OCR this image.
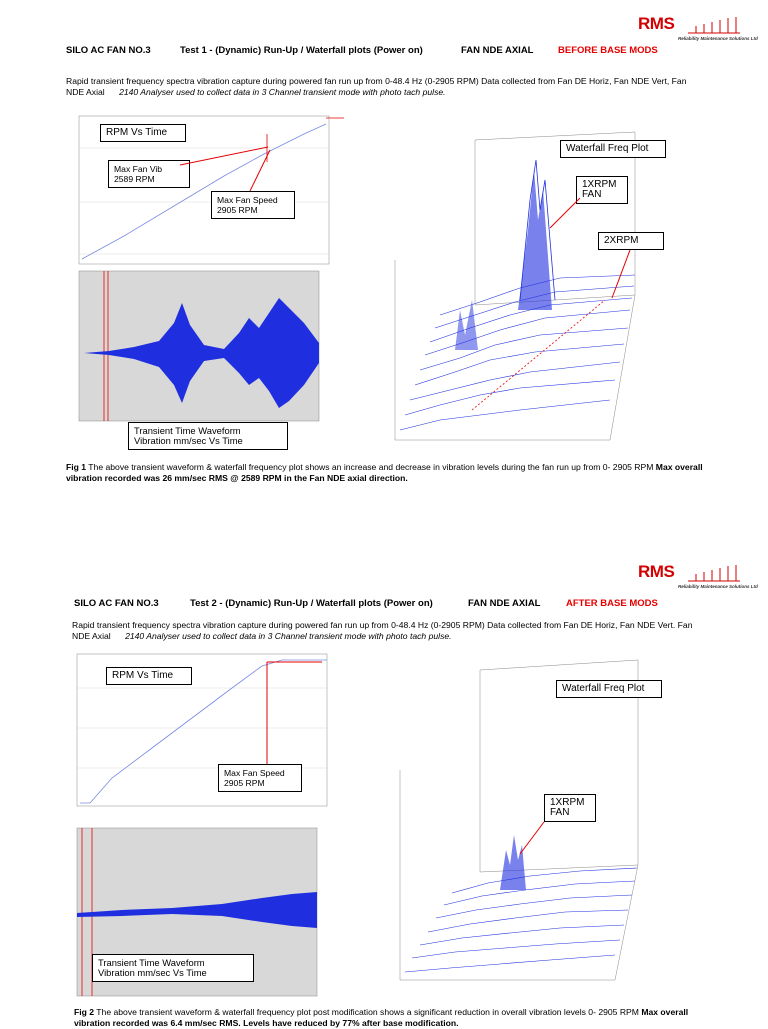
RMS
Reliability Maintenance Solutions Ltd
SILO AC FAN NO.3	Test 1 - (Dynamic) Run-Up / Waterfall plots (Power on)	FAN NDE AXIAL	BEFORE BASE MODS
Rapid transient frequency spectra vibration capture during powered fan run up from 0-48.4 Hz (0-2905 RPM) Data collected from Fan DE Horiz, Fan NDE Vert, Fan NDE Axial 2140 Analyser used to collect data in 3 Channel transient mode with photo tach pulse.
RPM Vs Time
Max Fan Vib
2589 RPM
Max Fan Speed
2905 RPM
Transient Time Waveform
Vibration mm/sec Vs Time
Waterfall Freq Plot
1XRPM
FAN
2XRPM
Fig 1 The above transient waveform & waterfall frequency plot shows an increase and decrease in vibration levels during the fan run up from 0- 2905 RPM Max overall vibration recorded was 26 mm/sec RMS @ 2589 RPM in the Fan NDE axial direction.
RMS
Reliability Maintenance Solutions Ltd
SILO AC FAN NO.3	Test 2 - (Dynamic) Run-Up / Waterfall plots (Power on)	FAN NDE AXIAL	AFTER BASE MODS
Rapid transient frequency spectra vibration capture during powered fan run up from 0-48.4 Hz (0-2905 RPM) Data collected from Fan DE Horiz, Fan NDE Vert. Fan NDE Axial 2140 Analyser used to collect data in 3 Channel transient mode with photo tach pulse.
RPM Vs Time
Max Fan Speed
2905 RPM
Transient Time Waveform
Vibration mm/sec Vs Time
Waterfall Freq Plot
1XRPM
FAN
Fig 2 The above transient waveform & waterfall frequency plot post modification shows a significant reduction in overall vibration levels 0- 2905 RPM Max overall vibration recorded was 6.4 mm/sec RMS. Levels have reduced by 77% after base modification.
